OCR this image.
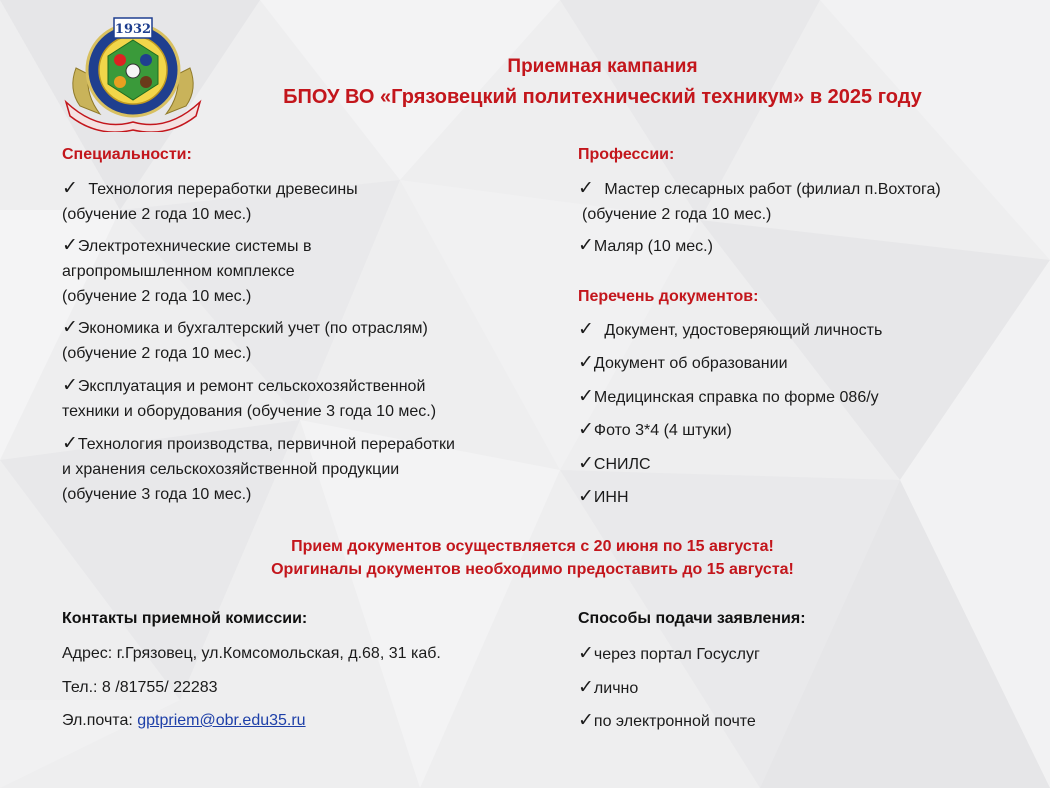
1932
Приемная кампания
БПОУ ВО «Грязовецкий политехнический техникум» в 2025 году
Специальности:
✓ Технология переработки древесины
(обучение 2 года 10 мес.)
✓Электротехнические системы в
агропромышленном комплексе
(обучение 2 года 10 мес.)
✓Экономика и бухгалтерский учет (по отраслям)
(обучение 2 года 10 мес.)
✓Эксплуатация и ремонт сельскохозяйственной
техники и оборудования (обучение 3 года 10 мес.)
✓Технология производства, первичной переработки
и хранения сельскохозяйственной продукции
(обучение 3 года 10 мес.)
Профессии:
✓ Мастер слесарных работ (филиал п.Вохтога)
(обучение 2 года 10 мес.)
✓Маляр (10 мес.)
Перечень документов:
✓ Документ, удостоверяющий личность
✓Документ об образовании
✓Медицинская справка по форме 086/у
✓Фото 3*4 (4 штуки)
✓СНИЛС
✓ИНН
Прием документов осуществляется с 20 июня по 15 августа!
Оригиналы документов необходимо предоставить до 15 августа!
Контакты приемной комиссии:
Адрес: г.Грязовец, ул.Комсомольская, д.68, 31 каб.
Тел.: 8 /81755/ 22283
Эл.почта: gptpriem@obr.edu35.ru
Способы подачи заявления:
✓через портал Госуслуг
✓лично
✓по электронной почте
